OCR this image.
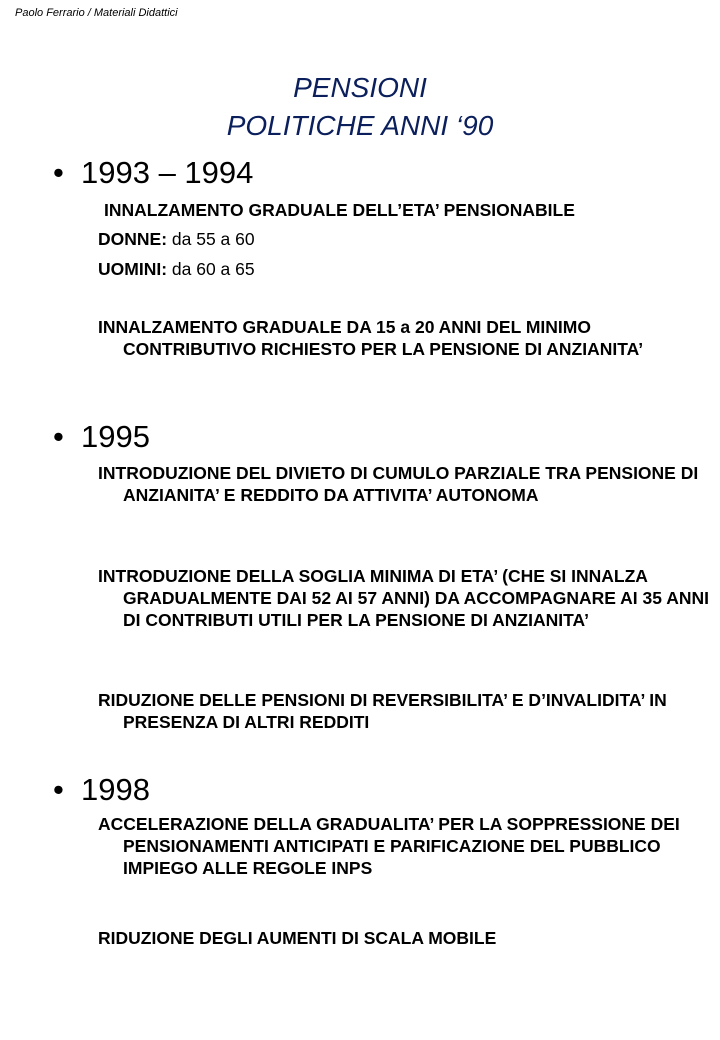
Paolo Ferrario / Materiali Didattici
PENSIONI
POLITICHE ANNI ‘90
• 1993 – 1994
INNALZAMENTO GRADUALE DELL’ETA’ PENSIONABILE
DONNE: da 55 a 60
UOMINI: da 60 a 65
INNALZAMENTO GRADUALE DA 15 a 20 ANNI DEL MINIMO CONTRIBUTIVO RICHIESTO PER LA PENSIONE DI ANZIANITA’
• 1995
INTRODUZIONE DEL DIVIETO DI CUMULO PARZIALE TRA PENSIONE DI ANZIANITA’ E REDDITO DA ATTIVITA’ AUTONOMA
INTRODUZIONE DELLA SOGLIA MINIMA DI ETA’ (CHE SI INNALZA GRADUALMENTE DAI 52 AI 57 ANNI) DA ACCOMPAGNARE AI 35 ANNI DI CONTRIBUTI UTILI PER LA PENSIONE DI ANZIANITA’
RIDUZIONE DELLE PENSIONI DI REVERSIBILITA’ E D’INVALIDITA’ IN PRESENZA DI ALTRI REDDITI
• 1998
ACCELERAZIONE DELLA GRADUALITA’ PER LA SOPPRESSIONE DEI PENSIONAMENTI ANTICIPATI E PARIFICAZIONE DEL PUBBLICO IMPIEGO ALLE REGOLE INPS
RIDUZIONE DEGLI AUMENTI DI SCALA MOBILE
